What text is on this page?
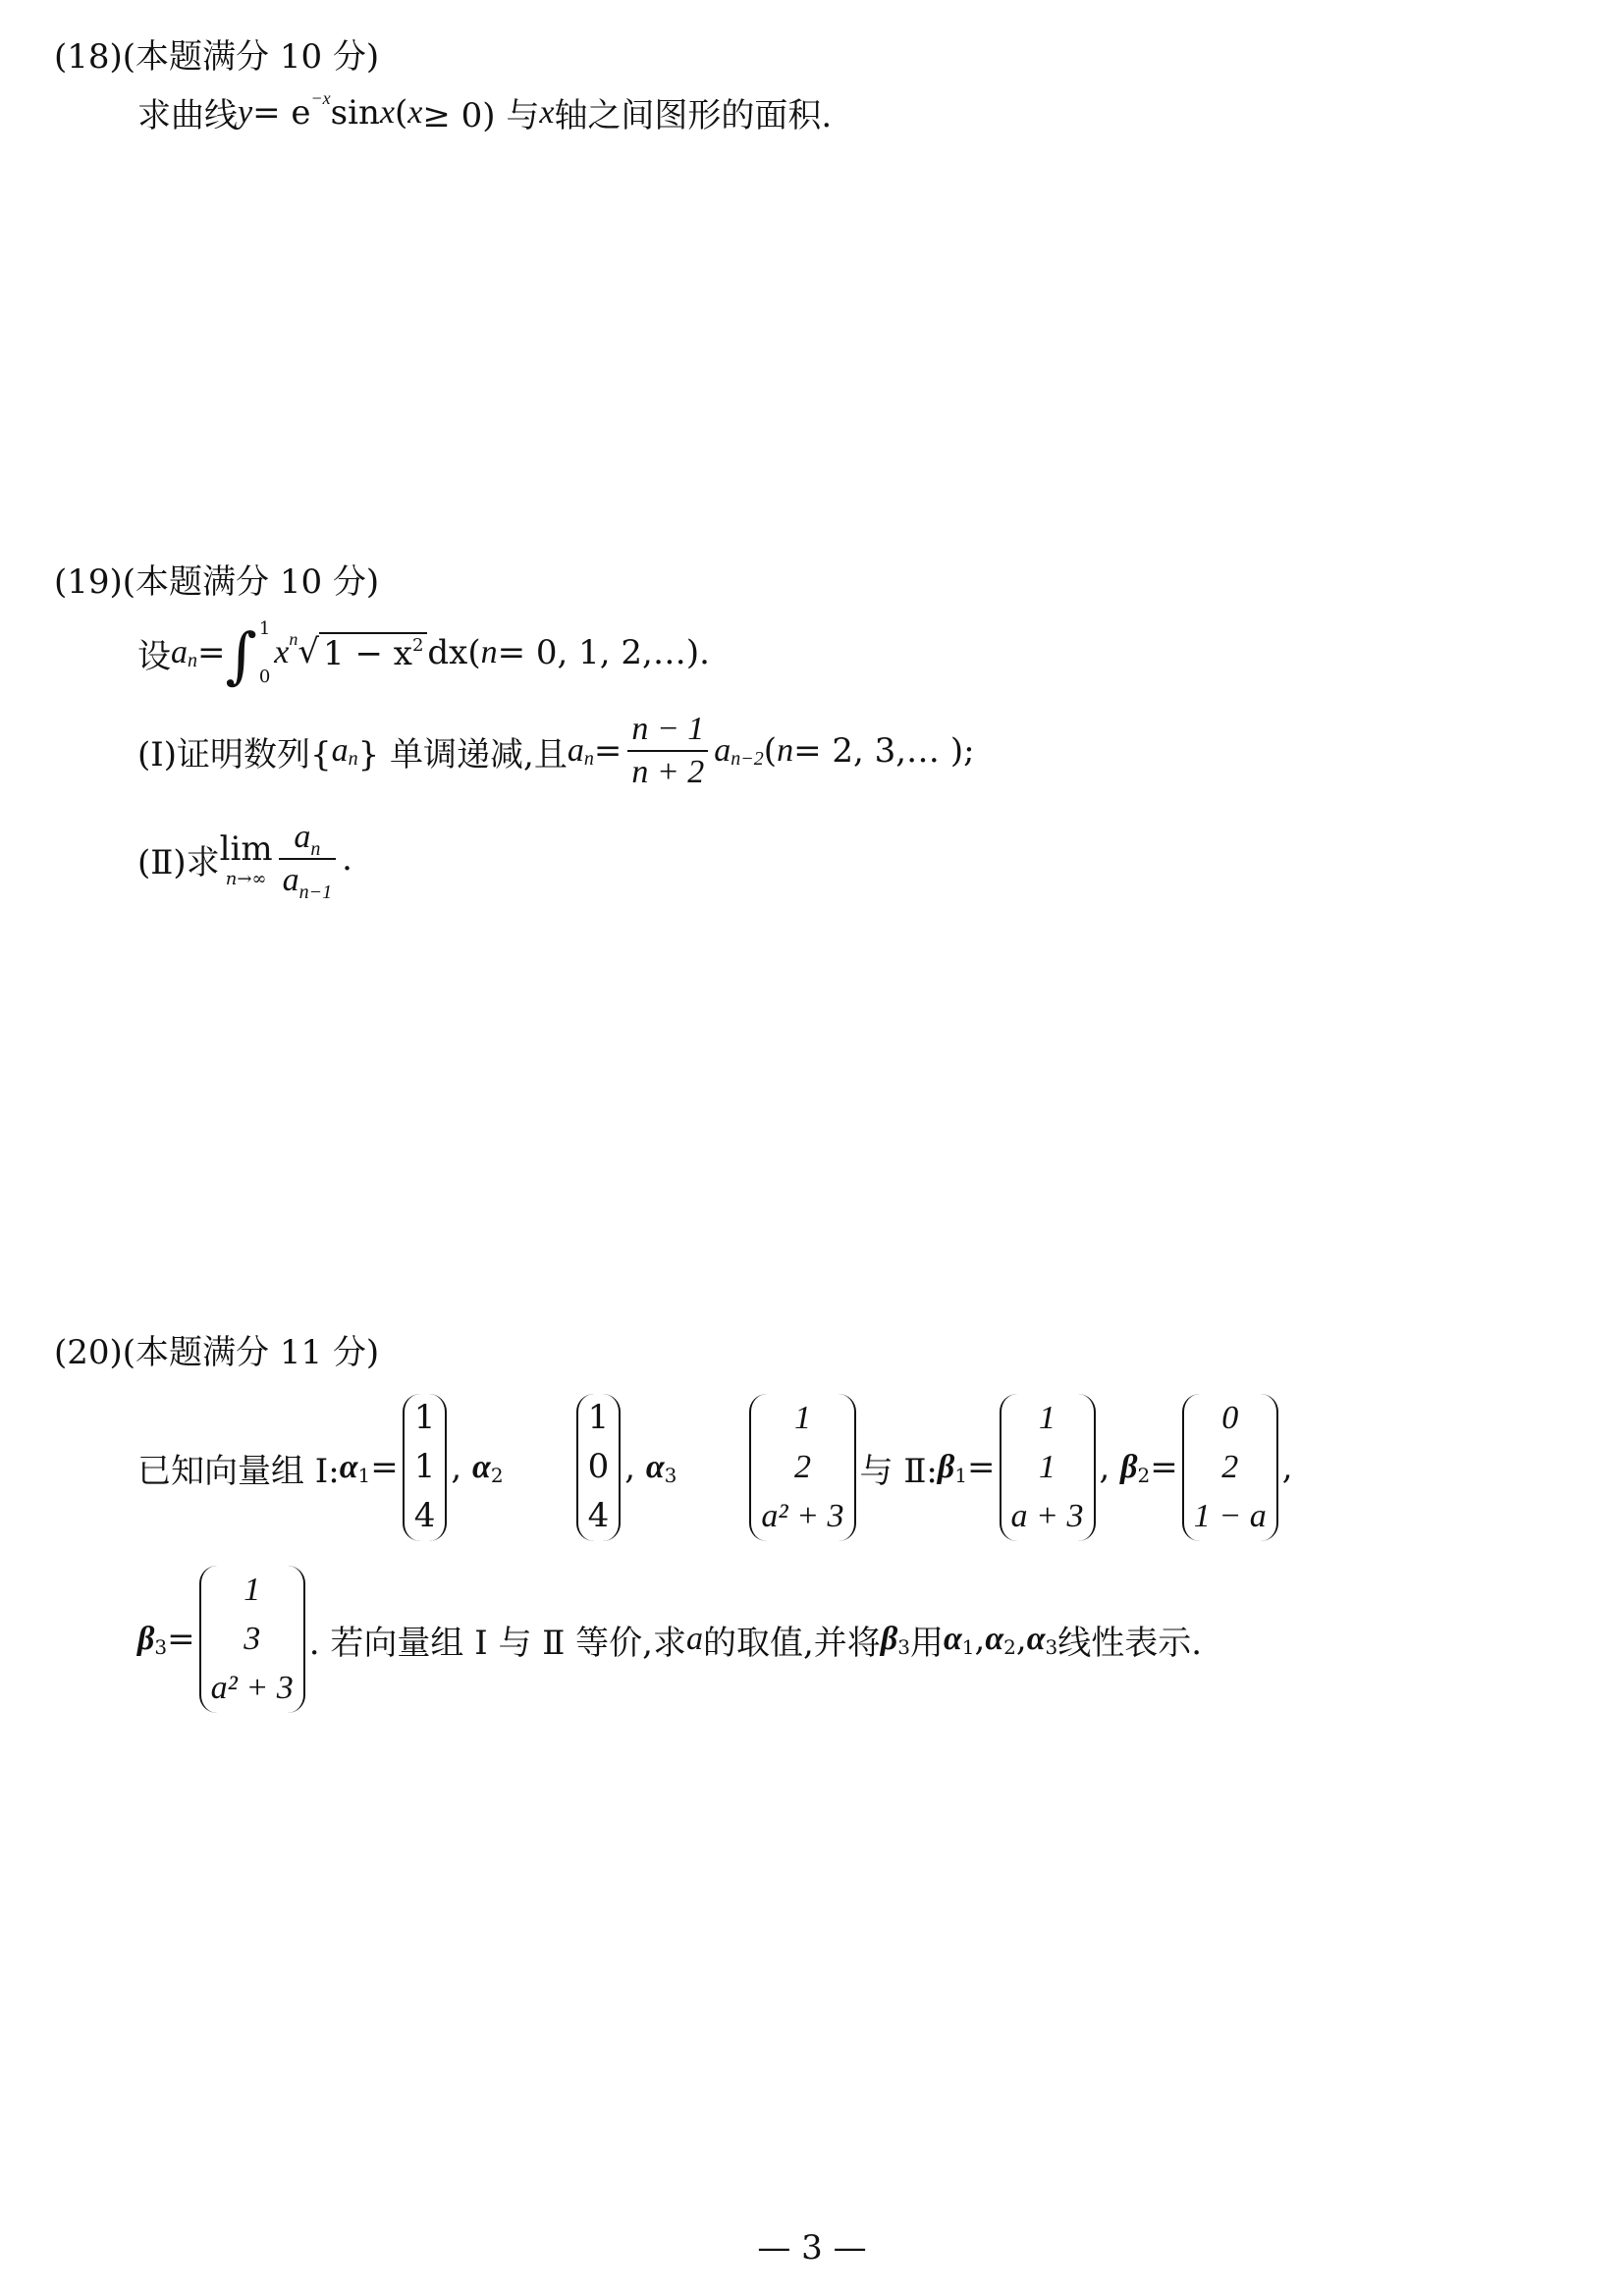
(18)(本题满分 10 分)
求曲线 y = e −x sin x ( x ≥ 0) 与 x 轴之间图形的面积.
(19)(本题满分 10 分)
设 a n = ∫ 1
0
x n √ $1 - x^2$ dx( n = 0, 1, 2,…).
(Ⅰ)证明数列{ a n } 单调递减,且 a $n = \frac{n - 1}{n + 2}$ a n−2 ( n = 2, 3,… );
(Ⅱ)求 lim
$n\to\infty \frac{a_n}{a_{n-1}}$ .
(20)(本题满分 11 分)
已知向量组 Ⅰ: α 1 =
1
1
4
,
α 2
1
0
4
,
α 3
1
2
a² + 3
与 Ⅱ: β 1 =
1
1
a + 3
,
β 2 =
0
2
1 − a
,
β 3 =
1
3
a² + 3
. 若向量组 Ⅰ 与 Ⅱ 等价,求 a 的取值,并将 β 3 用 α 1 , α 2 , α 3 线性表示.
— 3 —
